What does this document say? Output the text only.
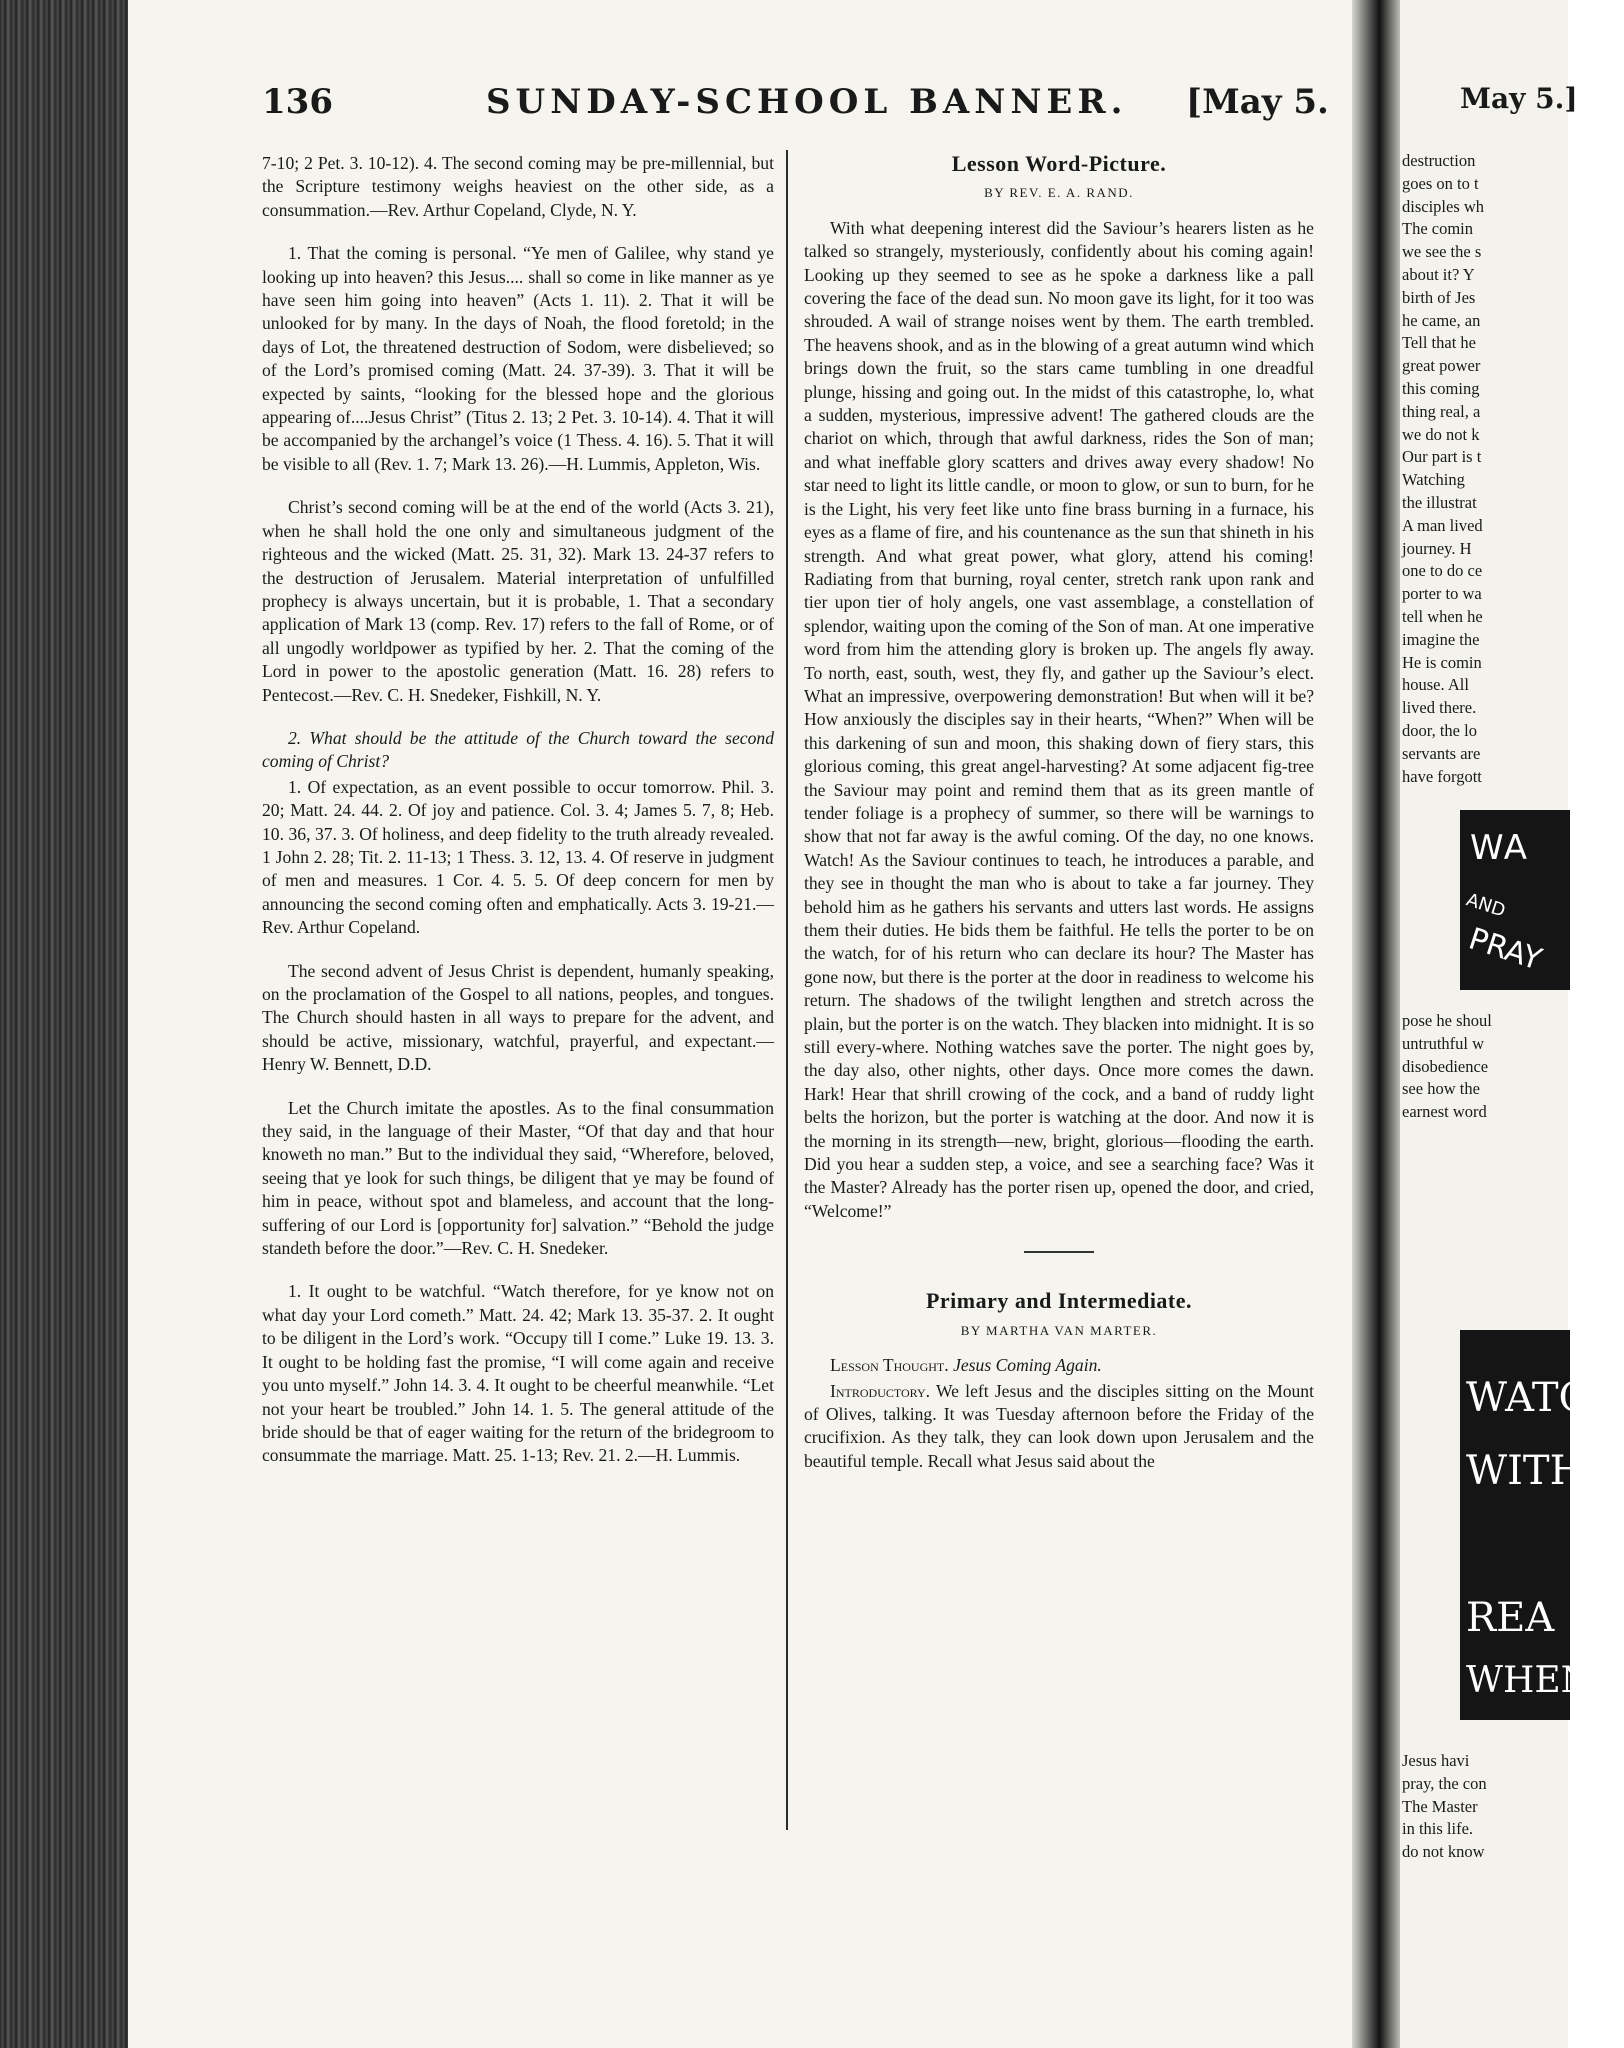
136	SUNDAY-SCHOOL BANNER. [May 5.

7-10; 2 Pet. 3. 10-12). 4. The second coming may be pre-millennial, but the Scripture testimony weighs heaviest on the other side, as a consummation.—Rev. Arthur Copeland, Clyde, N. Y.

1. That the coming is personal. “Ye men of Galilee, why stand ye looking up into heaven? this Jesus.... shall so come in like manner as ye have seen him going into heaven” (Acts 1. 11). 2. That it will be unlooked for by many. In the days of Noah, the flood foretold; in the days of Lot, the threatened destruction of Sodom, were disbelieved; so of the Lord’s promised coming (Matt. 24. 37-39). 3. That it will be expected by saints, “looking for the blessed hope and the glorious appearing of....Jesus Christ” (Titus 2. 13; 2 Pet. 3. 10-14). 4. That it will be accompanied by the archangel’s voice (1 Thess. 4. 16). 5. That it will be visible to all (Rev. 1. 7; Mark 13. 26).—H. Lummis, Appleton, Wis.

Christ’s second coming will be at the end of the world (Acts 3. 21), when he shall hold the one only and simultaneous judgment of the righteous and the wicked (Matt. 25. 31, 32). Mark 13. 24-37 refers to the destruction of Jerusalem. Material interpretation of unfulfilled prophecy is always uncertain, but it is probable, 1. That a secondary application of Mark 13 (comp. Rev. 17) refers to the fall of Rome, or of all ungodly worldpower as typified by her. 2. That the coming of the Lord in power to the apostolic generation (Matt. 16. 28) refers to Pentecost.—Rev. C. H. Snedeker, Fishkill, N. Y.

2. What should be the attitude of the Church toward the second coming of Christ?

1. Of expectation, as an event possible to occur tomorrow. Phil. 3. 20; Matt. 24. 44. 2. Of joy and patience. Col. 3. 4; James 5. 7, 8; Heb. 10. 36, 37. 3. Of holiness, and deep fidelity to the truth already revealed. 1 John 2. 28; Tit. 2. 11-13; 1 Thess. 3. 12, 13. 4. Of reserve in judgment of men and measures. 1 Cor. 4. 5. 5. Of deep concern for men by announcing the second coming often and emphatically. Acts 3. 19-21.—Rev. Arthur Copeland.

The second advent of Jesus Christ is dependent, humanly speaking, on the proclamation of the Gospel to all nations, peoples, and tongues. The Church should hasten in all ways to prepare for the advent, and should be active, missionary, watchful, prayerful, and expectant.—Henry W. Bennett, D.D.

Let the Church imitate the apostles. As to the final consummation they said, in the language of their Master, “Of that day and that hour knoweth no man.” But to the individual they said, “Wherefore, beloved, seeing that ye look for such things, be diligent that ye may be found of him in peace, without spot and blameless, and account that the long-suffering of our Lord is [opportunity for] salvation.” “Behold the judge standeth before the door.”—Rev. C. H. Snedeker.

1. It ought to be watchful. “Watch therefore, for ye know not on what day your Lord cometh.” Matt. 24. 42; Mark 13. 35-37. 2. It ought to be diligent in the Lord’s work. “Occupy till I come.” Luke 19. 13. 3. It ought to be holding fast the promise, “I will come again and receive you unto myself.” John 14. 3. 4. It ought to be cheerful meanwhile. “Let not your heart be troubled.” John 14. 1. 5. The general attitude of the bride should be that of eager waiting for the return of the bridegroom to consummate the marriage. Matt. 25. 1-13; Rev. 21. 2.—H. Lummis.

Lesson Word-Picture.
BY REV. E. A. RAND.

With what deepening interest did the Saviour’s hearers listen as he talked so strangely, mysteriously, confidently about his coming again! Looking up they seemed to see as he spoke a darkness like a pall covering the face of the dead sun. No moon gave its light, for it too was shrouded. A wail of strange noises went by them. The earth trembled. The heavens shook, and as in the blowing of a great autumn wind which brings down the fruit, so the stars came tumbling in one dreadful plunge, hissing and going out. In the midst of this catastrophe, lo, what a sudden, mysterious, impressive advent! The gathered clouds are the chariot on which, through that awful darkness, rides the Son of man; and what ineffable glory scatters and drives away every shadow! No star need to light its little candle, or moon to glow, or sun to burn, for he is the Light, his very feet like unto fine brass burning in a furnace, his eyes as a flame of fire, and his countenance as the sun that shineth in his strength. And what great power, what glory, attend his coming! Radiating from that burning, royal center, stretch rank upon rank and tier upon tier of holy angels, one vast assemblage, a constellation of splendor, waiting upon the coming of the Son of man. At one imperative word from him the attending glory is broken up. The angels fly away. To north, east, south, west, they fly, and gather up the Saviour’s elect. What an impressive, overpowering demonstration! But when will it be? How anxiously the disciples say in their hearts, “When?” When will be this darkening of sun and moon, this shaking down of fiery stars, this glorious coming, this great angel-harvesting? At some adjacent fig-tree the Saviour may point and remind them that as its green mantle of tender foliage is a prophecy of summer, so there will be warnings to show that not far away is the awful coming. Of the day, no one knows. Watch! As the Saviour continues to teach, he introduces a parable, and they see in thought the man who is about to take a far journey. They behold him as he gathers his servants and utters last words. He assigns them their duties. He bids them be faithful. He tells the porter to be on the watch, for of his return who can declare its hour? The Master has gone now, but there is the porter at the door in readiness to welcome his return. The shadows of the twilight lengthen and stretch across the plain, but the porter is on the watch. They blacken into midnight. It is so still every-where. Nothing watches save the porter. The night goes by, the day also, other nights, other days. Once more comes the dawn. Hark! Hear that shrill crowing of the cock, and a band of ruddy light belts the horizon, but the porter is watching at the door. And now it is the morning in its strength—new, bright, glorious—flooding the earth. Did you hear a sudden step, a voice, and see a searching face? Was it the Master? Already has the porter risen up, opened the door, and cried, “Welcome!”

Primary and Intermediate.
BY MARTHA VAN MARTER.

Lesson Thought. Jesus Coming Again.

Introductory. We left Jesus and the disciples sitting on the Mount of Olives, talking. It was Tuesday afternoon before the Friday of the crucifixion. As they talk, they can look down upon Jerusalem and the beautiful temple. Recall what Jesus said about the

May 5.]
destruction
goes on to t
disciples wh
The comin
we see the s
about it? Y
birth of Jes
he came, an
Tell that he
great power
this coming
thing real, a
we do not k
Our part is t
Watching
the illustrat
A man lived
journey. H
one to do ce
porter to wa
tell when he
imagine the
He is comin
house. All
lived there.
door, the lo
servants are
have forgott
WA
AND
PRAY
pose he shoul
untruthful w
disobedience
see how the
earnest word
WATCH
WITHO
REA
WHEN
Jesus havi
pray, the con
The Master
in this life.
do not know
